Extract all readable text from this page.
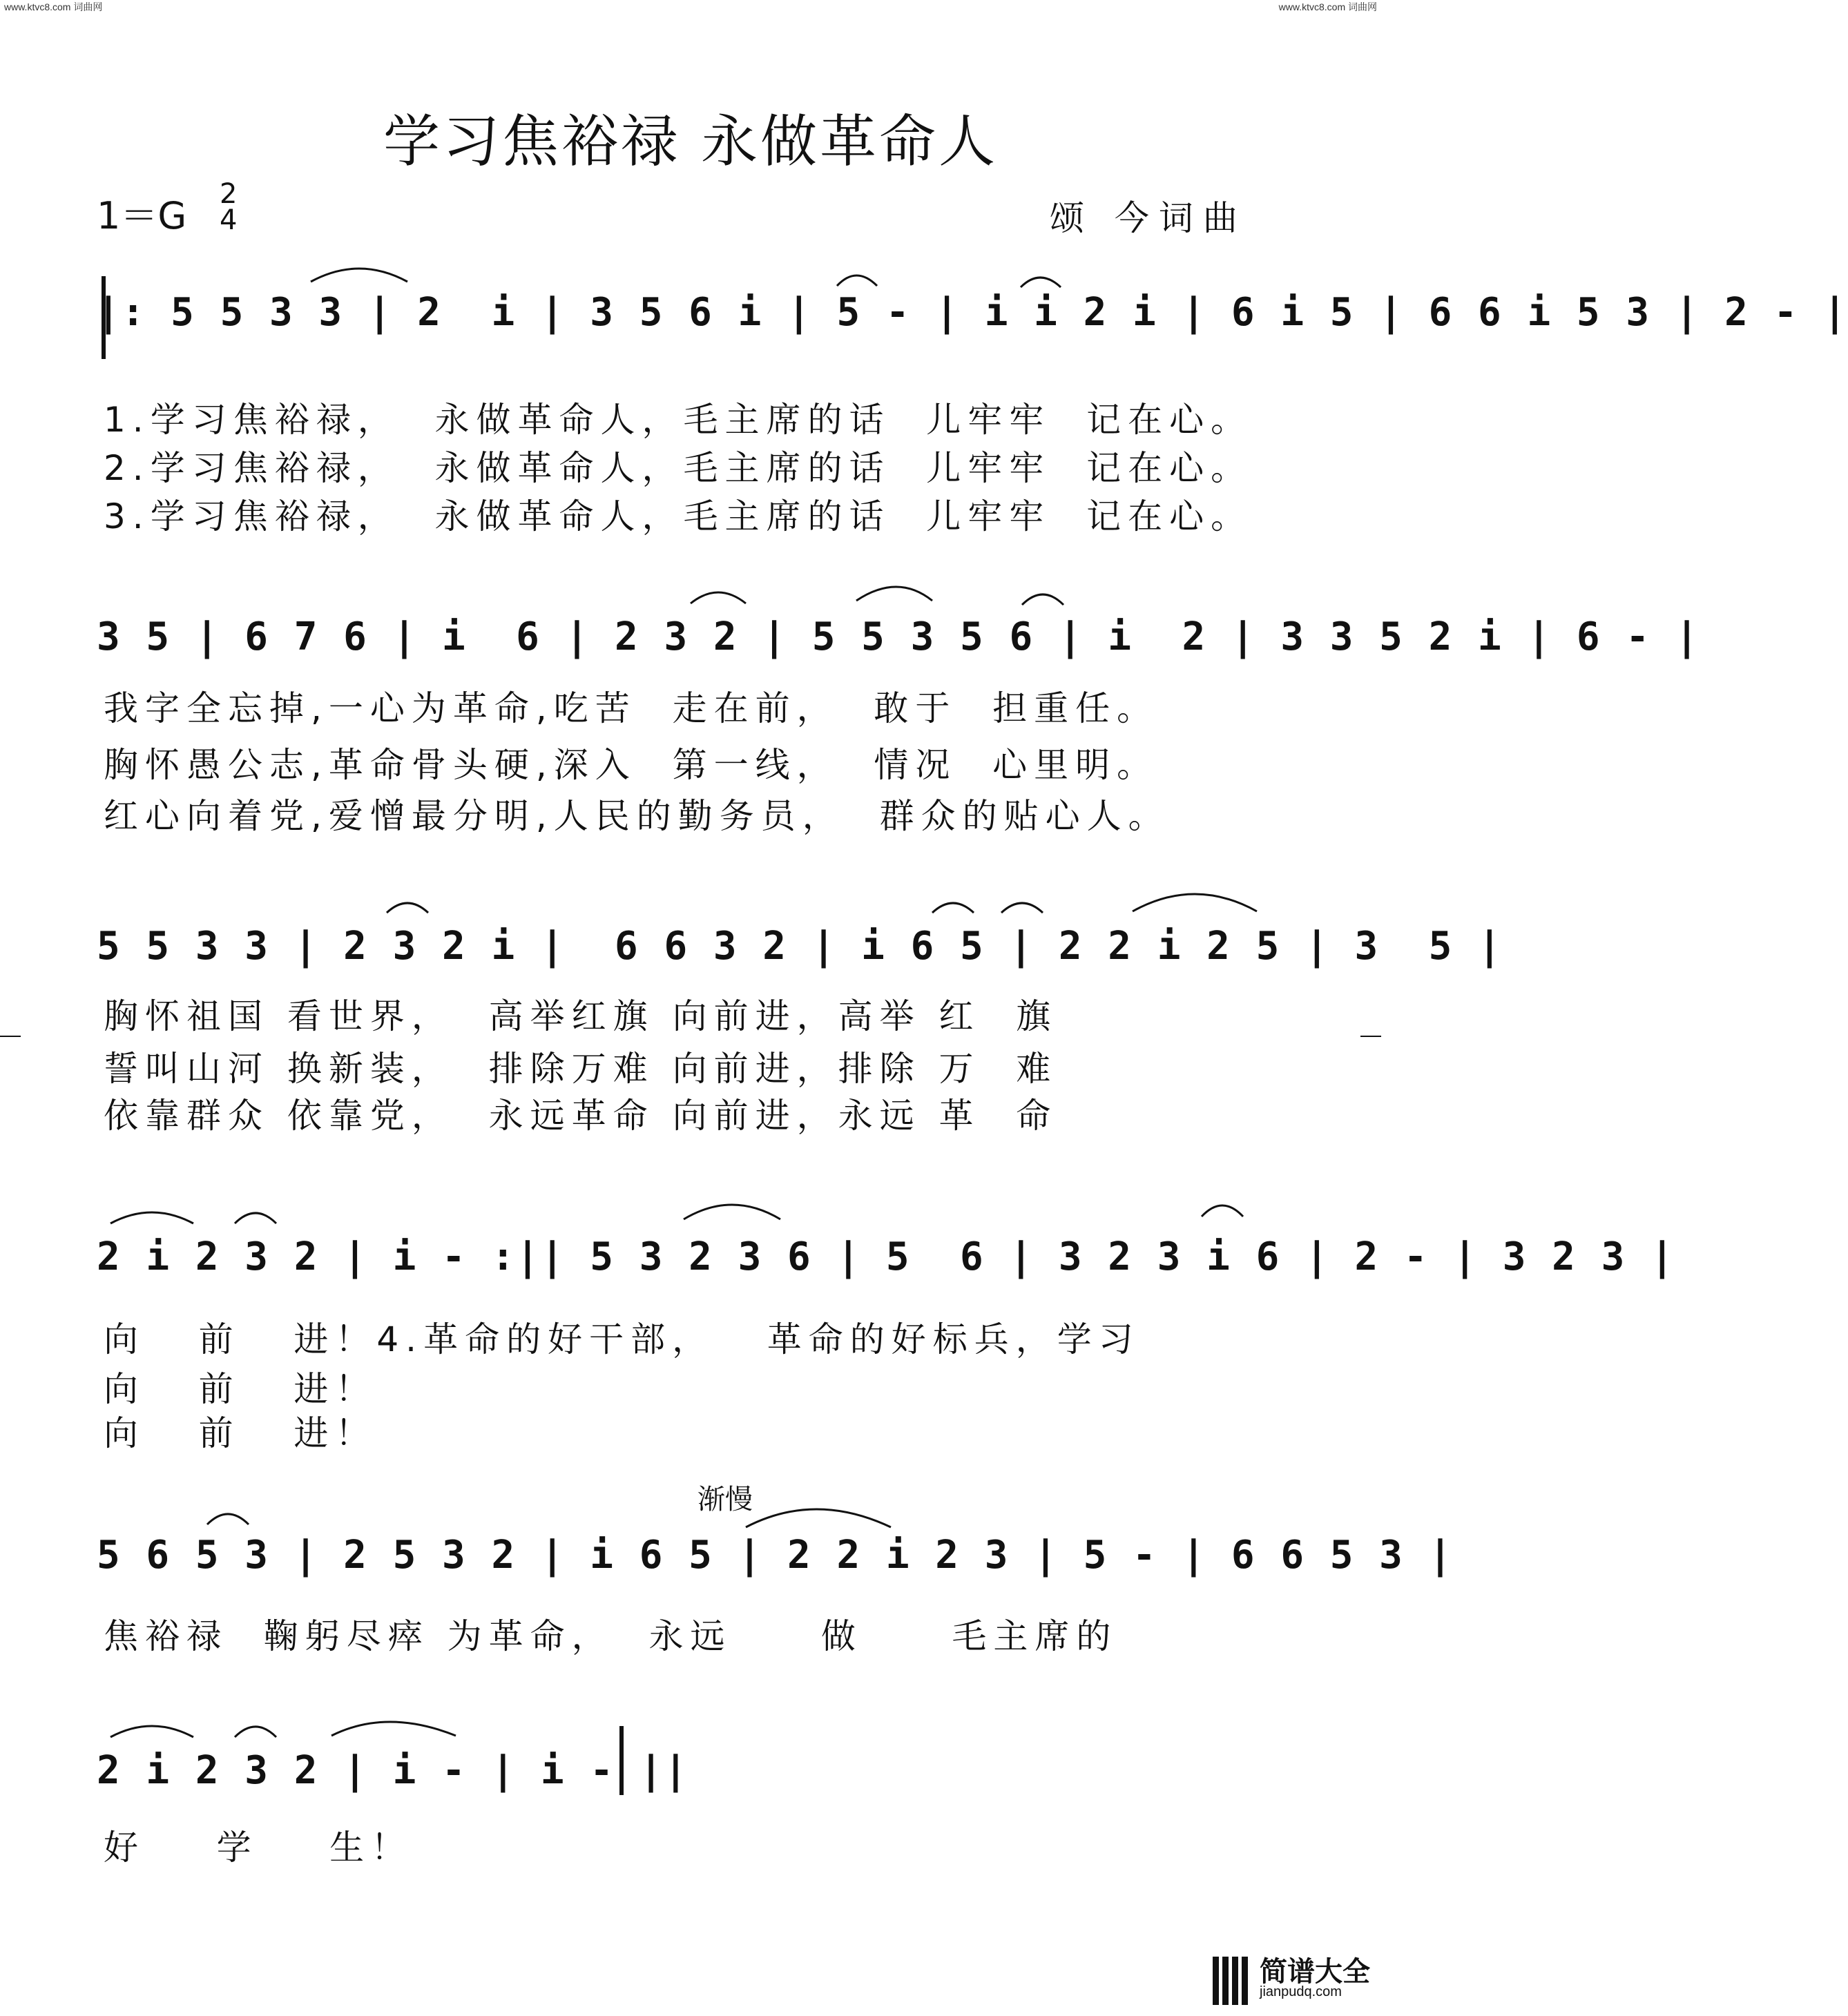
www.ktvc8.com 词曲网	www.ktvc8.com 词曲网
学习焦裕禄 永做革命人
1＝G 2
4	颂 今词曲
|: 5 5 3 3 | 2  i | 3 5 6 i | 5 - | i i 2 i | 6 i 5 | 6 6 i 5 3 | 2 - |
1.学习焦裕禄，  永做革命人，毛主席的话  儿牢牢  记在心。
2.学习焦裕禄，  永做革命人，毛主席的话  儿牢牢  记在心。
3.学习焦裕禄，  永做革命人，毛主席的话  儿牢牢  记在心。
3 5 | 6 7 6 | i  6 | 2 3 2 | 5 5 3 5 6 | i  2 | 3 3 5 2 i | 6 - |
我字全忘掉,一心为革命,吃苦  走在前，  敢于  担重任。
胸怀愚公志,革命骨头硬,深入  第一线，  情况  心里明。
红心向着党,爱憎最分明,人民的勤务员，  群众的贴心人。
5 5 3 3 | 2 3 2 i |  6 6 3 2 | i 6 5 | 2 2 i 2 5 | 3  5 |
胸怀祖国 看世界，  高举红旗 向前进，高举 红  旗
誓叫山河 换新装，  排除万难 向前进，排除 万  难
依靠群众 依靠党，  永远革命 向前进，永远 革  命
2 i 2 3 2 | i - :|| 5 3 2 3 6 | 5  6 | 3 2 3 i 6 | 2 - | 3 2 3 |
向   前   进！4.革命的好干部，   革命的好标兵，学习
向   前   进！
向   前   进！
渐慢
5 6 5 3 | 2 5 3 2 | i 6 5 | 2 2 i 2 3 | 5 - | 6 6 5 3 |
焦裕禄  鞠躬尽瘁 为革命，  永远     做     毛主席的
2 i 2 3 2 | i - | i - ||
好    学    生！
简谱大全
jianpudq.com
